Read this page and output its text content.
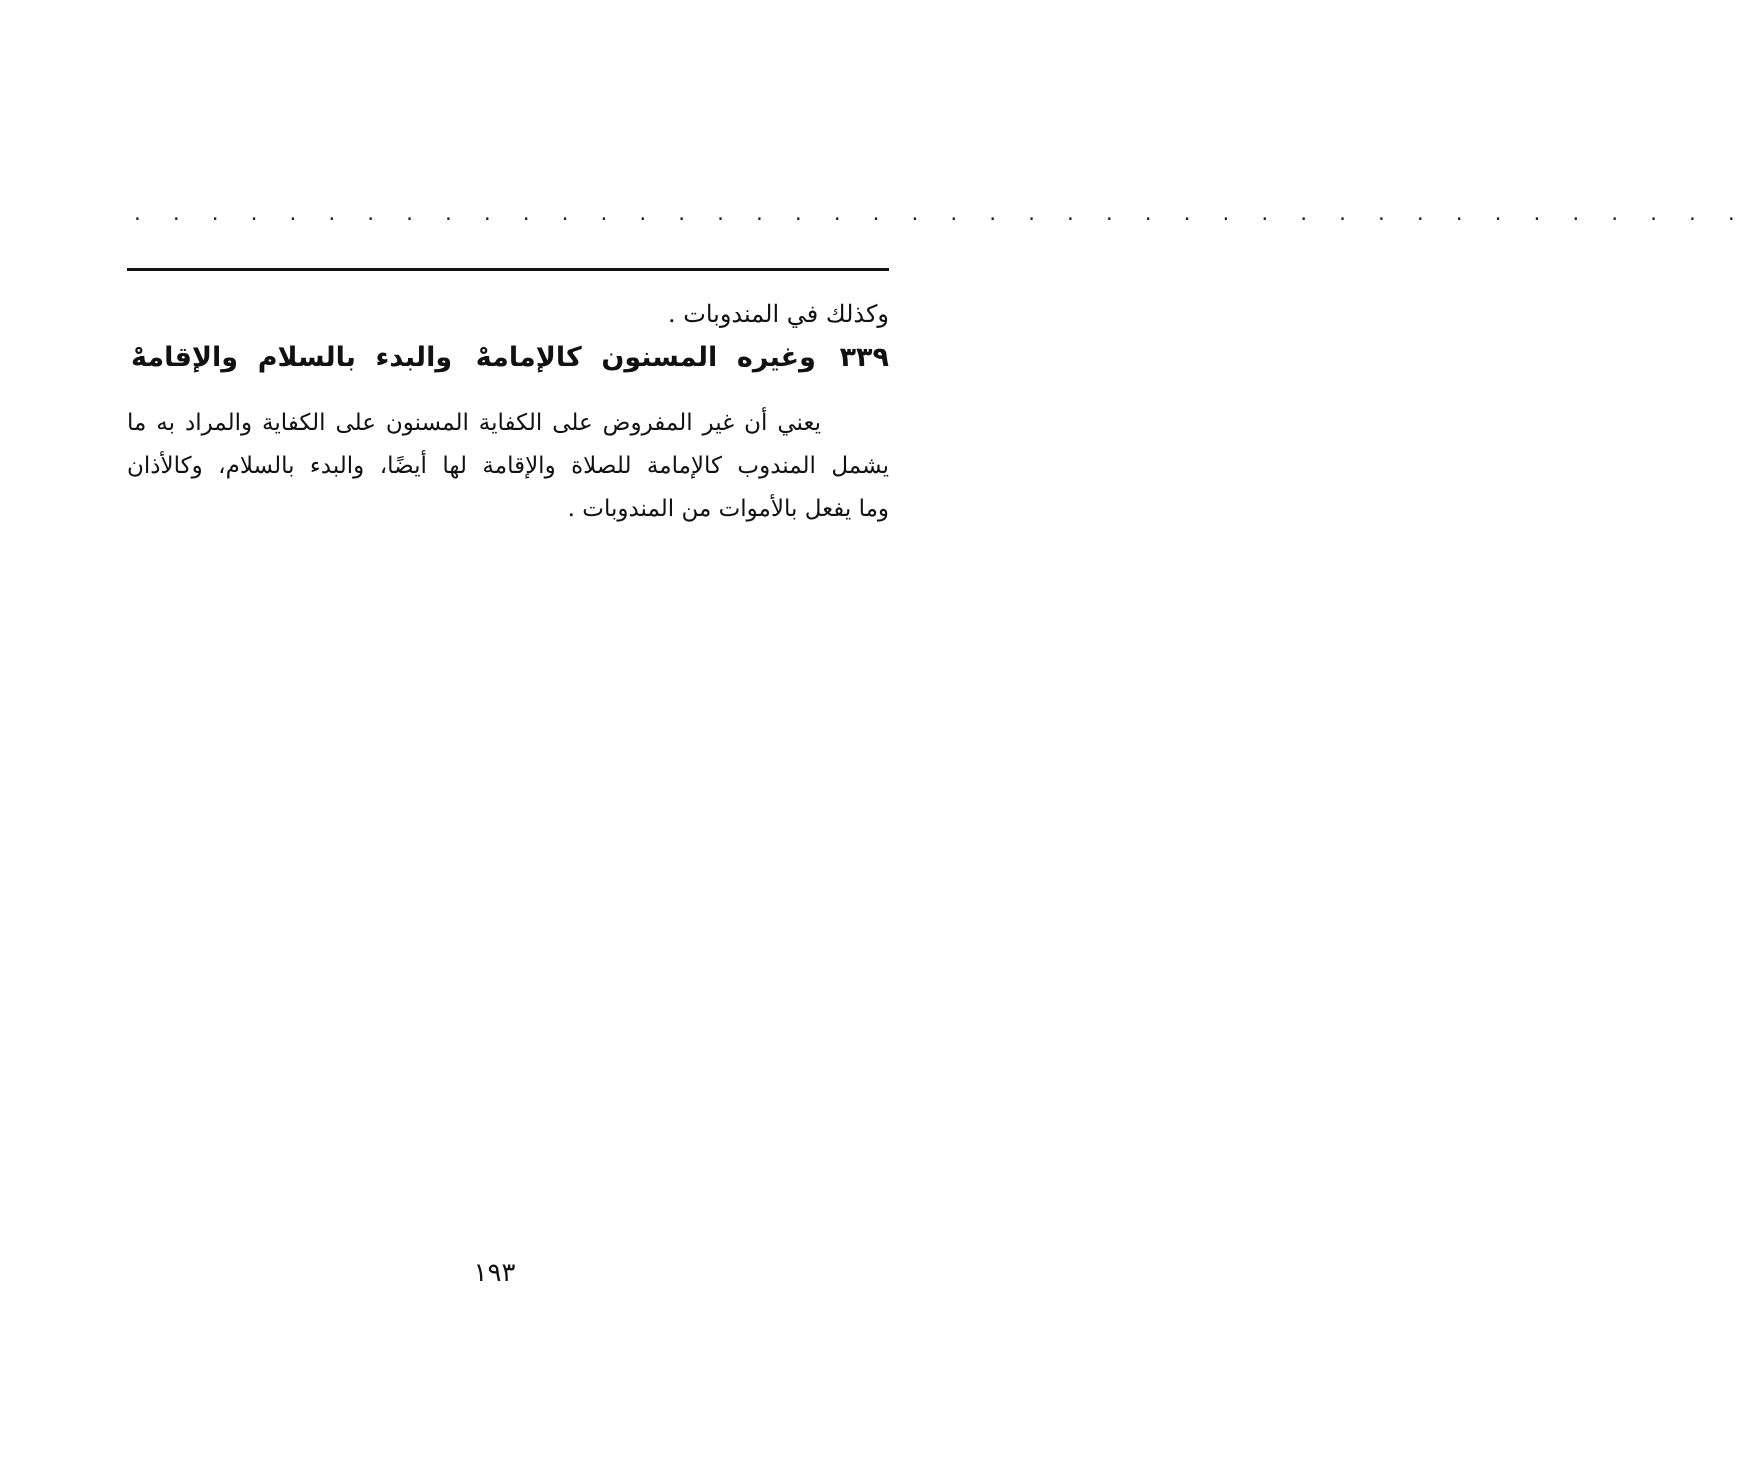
. . . . . . . . . . . . . . . . . . . . . . . . . . . . . . . . . . . . . . . . . .
وكذلك في المندوبات .
٣٣٩ وغيره المسنون كالإمامهْ والبدء بالسلام والإقامهْ
يعني أن غير المفروض على الكفاية المسنون على الكفاية والمراد به ما
يشمل المندوب كالإمامة للصلاة والإقامة لها أيضًا، والبدء بالسلام، وكالأذان
وما يفعل بالأموات من المندوبات .
١٩٣
